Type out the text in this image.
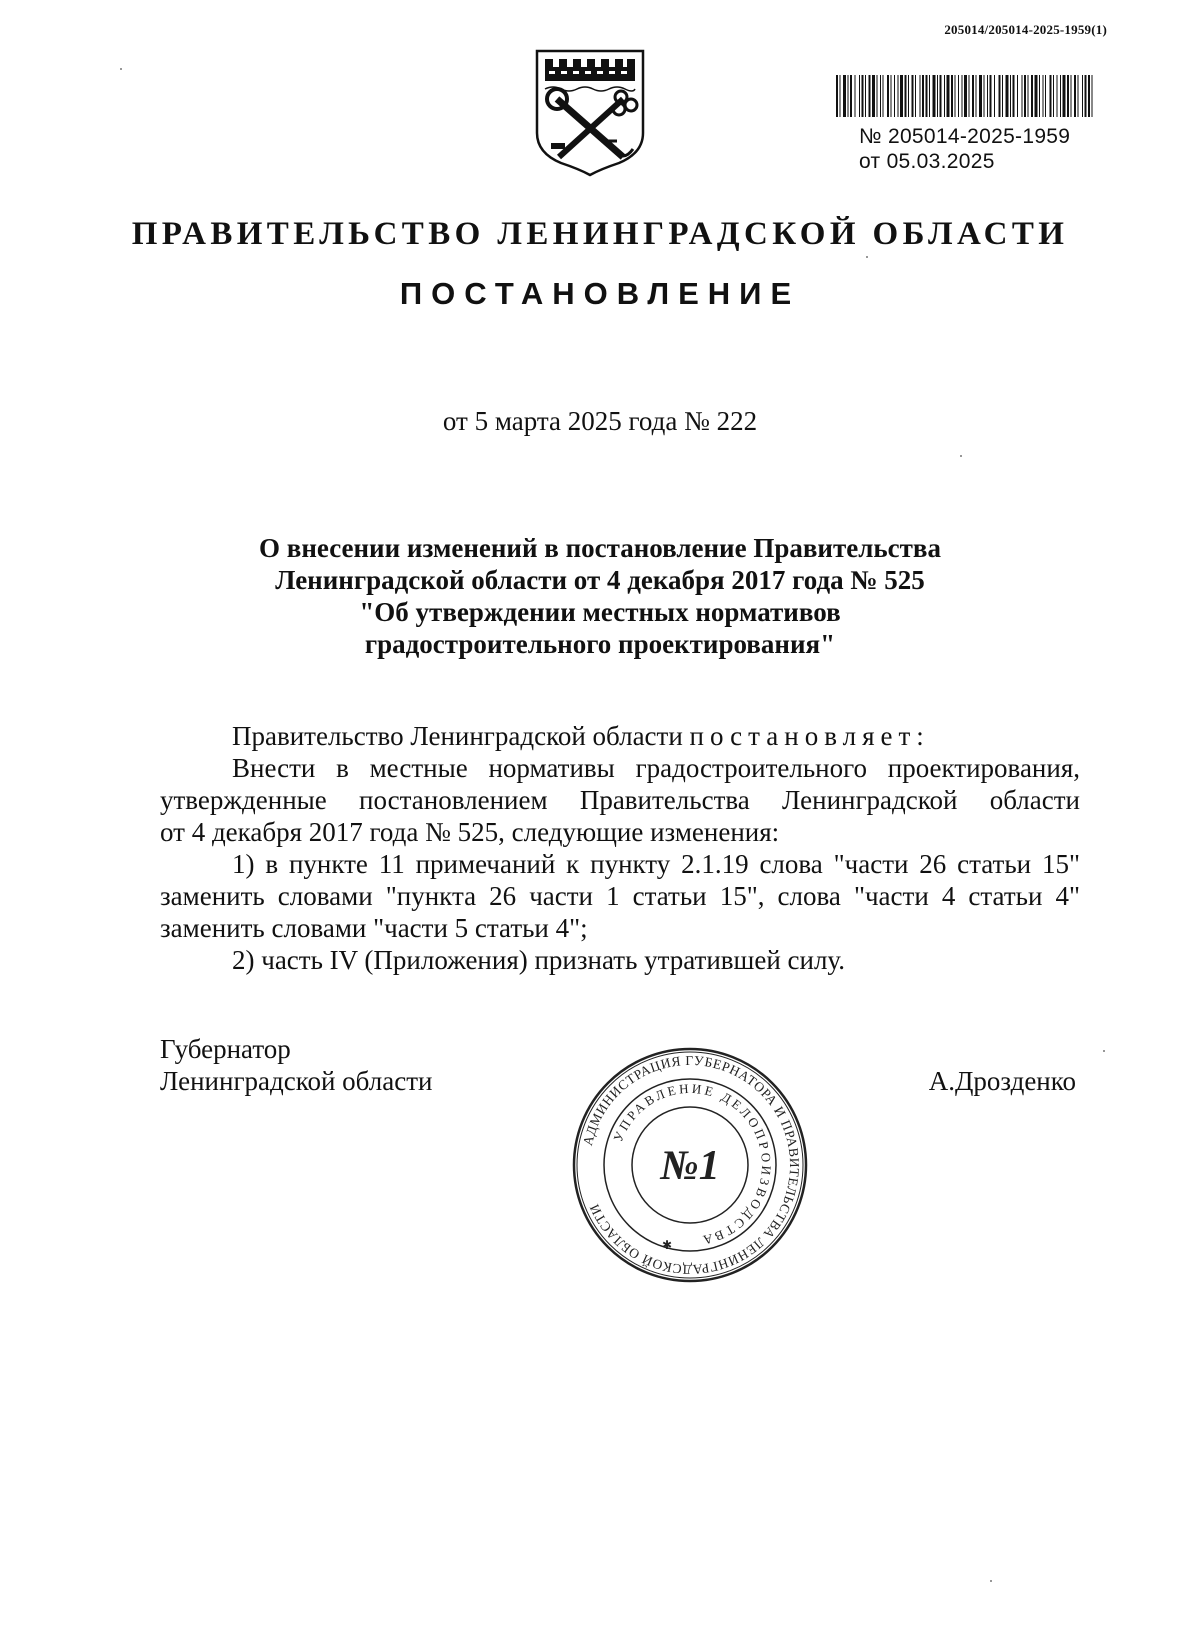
205014/205014-2025-1959(1)
№ 205014-2025-1959
от 05.03.2025
ПРАВИТЕЛЬСТВО ЛЕНИНГРАДСКОЙ ОБЛАСТИ
ПОСТАНОВЛЕНИЕ
от 5 марта 2025 года № 222
О внесении изменений в постановление Правительства
Ленинградской области от 4 декабря 2017 года № 525
"Об утверждении местных нормативов
градостроительного проектирования"
Правительство Ленинградской области постановляет:
Внести в местные нормативы градостроительного проектирования,
утвержденные постановлением Правительства Ленинградской области
от 4 декабря 2017 года № 525, следующие изменения:
1) в пункте 11 примечаний к пункту 2.1.19 слова "части 26 статьи 15"
заменить словами "пункта 26 части 1 статьи 15", слова "части 4 статьи 4"
заменить словами "части 5 статьи 4";
2) часть IV (Приложения) признать утратившей силу.
Губернатор
Ленинградской области	А.Дрозденко
АДМИНИСТРАЦИЯ ГУБЕРНАТОРА И ПРАВИТЕЛЬСТВА ЛЕНИНГРАДСКОЙ ОБЛАСТИ
УПРАВЛЕНИЕ ДЕЛОПРОИЗВОДСТВА
№1
✱
